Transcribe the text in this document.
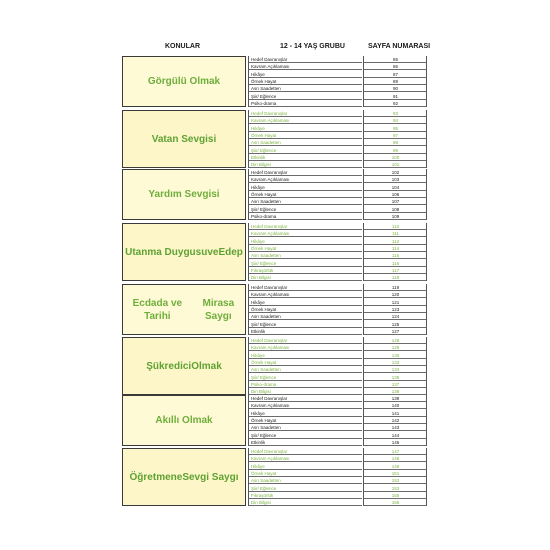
KONULAR	12 - 14 YAŞ GRUBU	SAYFA NUMARASI
Görgülü Olmak
Hedef Davranışlar	85
Kavram Açıklaması	86
Hikâye	87
Örnek Hayat	89
Asrı Saadetten	90
Şiir/ Eğlence	91
Psiko-drama	92
Vatan Sevgisi
Hedef Davranışlar	93
Kavram Açıklaması	94
Hikâye	95
Örnek Hayat	97
Asrı Saadetten	98
Şiir/ Eğlence	99
Etkinlik	100
Din Bilgisi	101
Yardım Sevgisi
Hedef Davranışlar	102
Kavram Açıklaması	103
Hikâye	104
Örnek Hayat	106
Asrı Saadetten	107
Şiir/ Eğlence	108
Psiko-drama	109
Utanma Duygusu ve Edep
Hedef Davranışlar	110
Kavram Açıklaması	111
Hikâye	112
Örnek Hayat	114
Asrı Saadetten	115
Şiir/ Eğlence	116
Fıkraşörlük	117
Din Bilgisi	118
Ecdada ve Tarihi
Mirasa Saygı
Hedef Davranışlar	119
Kavram Açıklaması	120
Hikâye	121
Örnek Hayat	123
Asrı Saadetten	124
Şiir/ Eğlence	125
Etkinlik	127
Şükredici Olmak
Hedef Davranışlar	128
Kavram Açıklaması	129
Hikâye	130
Örnek Hayat	132
Asrı Saadetten	134
Şiir/ Eğlence	135
Psiko-drama	137
Din Bilgisi	138
Akıllı Olmak
Hedef Davranışlar	139
Kavram Açıklaması	140
Hikâye	141
Örnek Hayat	142
Asrı Saadetten	143
Şiir/ Eğlence	144
Etkinlik	146
Öğretmene Sevgi Saygı
Hedef Davranışlar	147
Kavram Açıklaması	148
Hikâye	149
Örnek Hayat	151
Asrı Saadetten	152
Şiir/ Eğlence	153
Fıkraşörlük	155
Din Bilgisi	156
